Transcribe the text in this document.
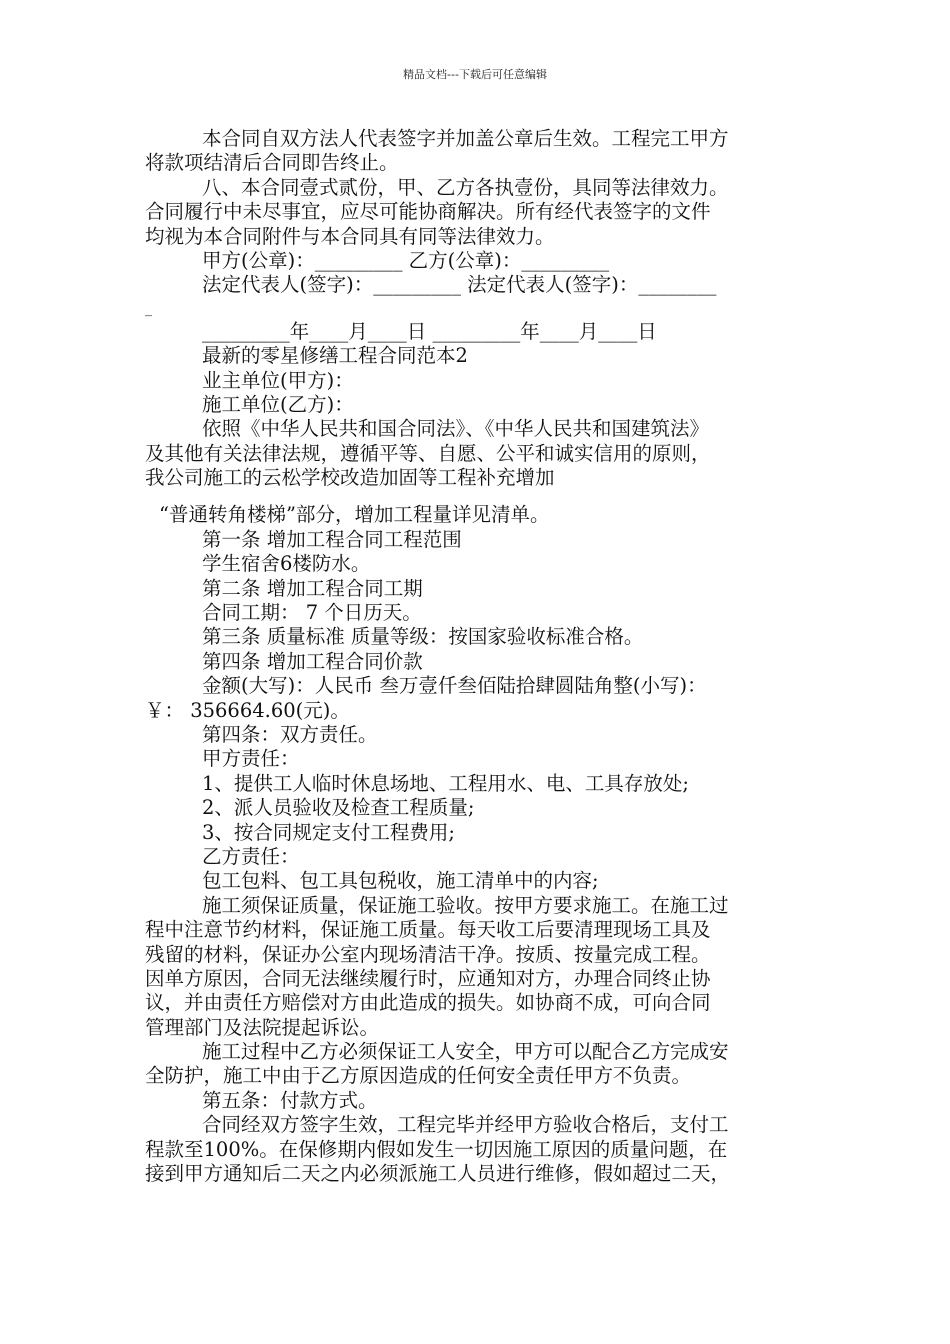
精品文档---下载后可任意编辑
本合同自双方法人代表签字并加盖公章后生效。工程完工甲方
将款项结清后合同即告终止。
八、本合同壹式贰份，甲、乙方各执壹份，具同等法律效力。
合同履行中未尽事宜，应尽可能协商解决。所有经代表签字的文件
均视为本合同附件与本合同具有同等法律效力。
甲方(公章)：_________ 乙方(公章)：_________
法定代表人(签字)：_________ 法定代表人(签字)：________
_
_________年____月____日 _________年____月____日
最新的零星修缮工程合同范本2
业主单位(甲方)：
施工单位(乙方)：
依照《中华人民共和国合同法》、《中华人民共和国建筑法》
及其他有关法律法规，遵循平等、自愿、公平和诚实信用的原则，
我公司施工的云松学校改造加固等工程补充增加
“普通转角楼梯”部分，增加工程量详见清单。
第一条 增加工程合同工程范围
学生宿舍6楼防水。
第二条 增加工程合同工期
合同工期： 7 个日历天。
第三条 质量标准 质量等级：按国家验收标准合格。
第四条 增加工程合同价款
金额(大写)：人民币 叁万壹仟叁佰陆拾肆圆陆角整(小写)：
￥： 356664.60(元)。
第四条：双方责任。
甲方责任：
1、提供工人临时休息场地、工程用水、电、工具存放处;
2、派人员验收及检查工程质量;
3、按合同规定支付工程费用;
乙方责任：
包工包料、包工具包税收，施工清单中的内容;
施工须保证质量，保证施工验收。按甲方要求施工。在施工过
程中注意节约材料，保证施工质量。每天收工后要清理现场工具及
残留的材料，保证办公室内现场清洁干净。按质、按量完成工程。
因单方原因，合同无法继续履行时，应通知对方，办理合同终止协
议，并由责任方赔偿对方由此造成的损失。如协商不成，可向合同
管理部门及法院提起诉讼。
施工过程中乙方必须保证工人安全，甲方可以配合乙方完成安
全防护，施工中由于乙方原因造成的任何安全责任甲方不负责。
第五条：付款方式。
合同经双方签字生效，工程完毕并经甲方验收合格后，支付工
程款至100%。在保修期内假如发生一切因施工原因的质量问题，在
接到甲方通知后二天之内必须派施工人员进行维修，假如超过二天，
